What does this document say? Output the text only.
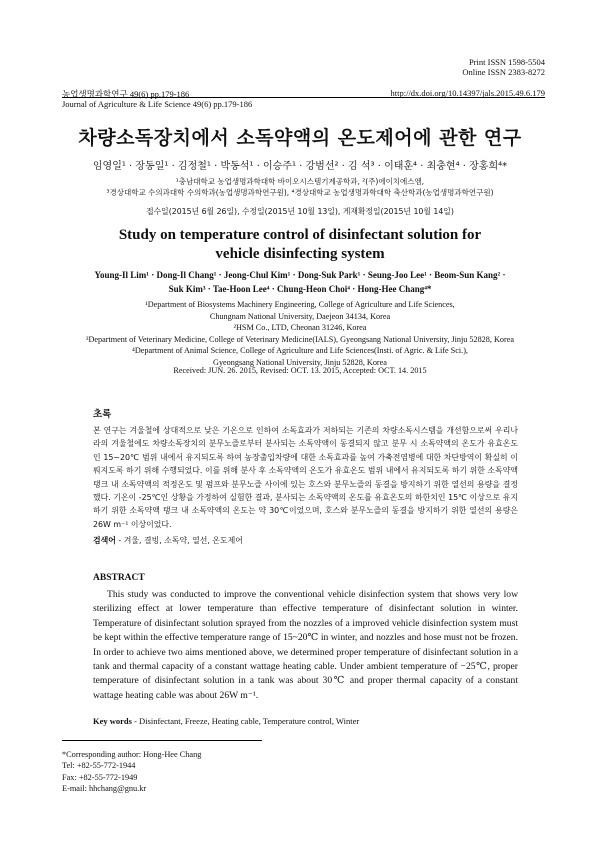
Print ISSN 1598-5504
Online ISSN 2383-8272
농업생명과학연구 49(6) pp.179-186	http://dx.doi.org/10.14397/jals.2015.49.6.179
Journal of Agriculture & Life Science 49(6) pp.179-186
차량소독장치에서 소독약액의 온도제어에 관한 연구
임영일¹ · 장동일¹ · 김정철¹ · 박동석¹ · 이승주¹ · 강범선² · 김 석³ · 이태훈⁴ · 최충현⁴ · 장홍희⁴*
¹충남대학교 농업생명과학대학 바이오시스템기계공학과, ²(주)에이치에스엠,
³경상대학교 수의과대학 수의학과(농업생명과학연구원), ⁴경상대학교 농업생명과학대학 축산학과(농업생명과학연구원)
접수일(2015년 6월 26일), 수정일(2015년 10월 13일), 게재확정일(2015년 10월 14일)
Study on temperature control of disinfectant solution for
vehicle disinfecting system
Young-Il Lim¹ · Dong-Il Chang¹ · Jeong-Chul Kim¹ · Dong-Suk Park¹ · Seung-Joo Lee¹ · Beom-Sun Kang² ·
Suk Kim³ · Tae-Hoon Lee⁴ · Chung-Heon Choi⁴ · Hong-Hee Chang⁴*
¹Department of Biosystems Machinery Engineering, College of Agriculture and Life Sciences,
Chungnam National University, Daejeon 34134, Korea
²HSM Co., LTD, Cheonan 31246, Korea
³Department of Veterinary Medicine, College of Veterinary Medicine(IALS), Gyeongsang National University, Jinju 52828, Korea
⁴Department of Animal Science, College of Agriculture and Life Sciences(Insti. of Agric. & Life Sci.),
Gyeongsang National University, Jinju 52828, Korea
Received: JUN. 26. 2015, Revised: OCT. 13. 2015, Accepted: OCT. 14. 2015
초록
본 연구는 겨울철에 상대적으로 낮은 기온으로 인하여 소독효과가 저하되는 기존의 차량소독시스템을 개선함으로써 우리나라의 겨울철에도 차량소독장치의 분무노즐로부터 분사되는 소독약액이 동결되지 않고 분무 시 소독약액의 온도가 유효온도인 15~20℃ 범위 내에서 유지되도록 하여 농장출입차량에 대한 소독효과를 높여 가축전염병에 대한 차단방역이 확실히 이뤄지도록 하기 위해 수행되었다. 이를 위해 분사 후 소독약액의 온도가 유효온도 범위 내에서 유지되도록 하기 위한 소독약액탱크 내 소독약액의 적정온도 및 펌프와 분무노즐 사이에 있는 호스와 분무노즐의 동결을 방지하기 위한 열선의 용량을 결정했다. 기온이 -25℃인 상황을 가정하여 실험한 결과, 분사되는 소독약액의 온도를 유효온도의 하한치인 15℃ 이상으로 유지하기 위한 소독약액 탱크 내 소독약액의 온도는 약 30℃이었으며, 호스와 분무노즐의 동결을 방지하기 위한 열선의 용량은 26W m⁻¹ 이상이었다.
검색어 - 겨울, 결빙, 소독약, 열선, 온도제어
ABSTRACT
This study was conducted to improve the conventional vehicle disinfection system that shows very low sterilizing effect at lower temperature than effective temperature of disinfectant solution in winter. Temperature of disinfectant solution sprayed from the nozzles of a improved vehicle disinfection system must be kept within the effective temperature range of 15~20℃ in winter, and nozzles and hose must not be frozen. In order to achieve two aims mentioned above, we determined proper temperature of disinfectant solution in a tank and thermal capacity of a constant wattage heating cable. Under ambient temperature of −25℃, proper temperature of disinfectant solution in a tank was about 30℃ and proper thermal capacity of a constant wattage heating cable was about 26W m⁻¹.
Key words - Disinfectant, Freeze, Heating cable, Temperature control, Winter
*Corresponding author: Hong-Hee Chang
Tel: +82-55-772-1944
Fax: +82-55-772-1949
E-mail: hhchang@gnu.kr
